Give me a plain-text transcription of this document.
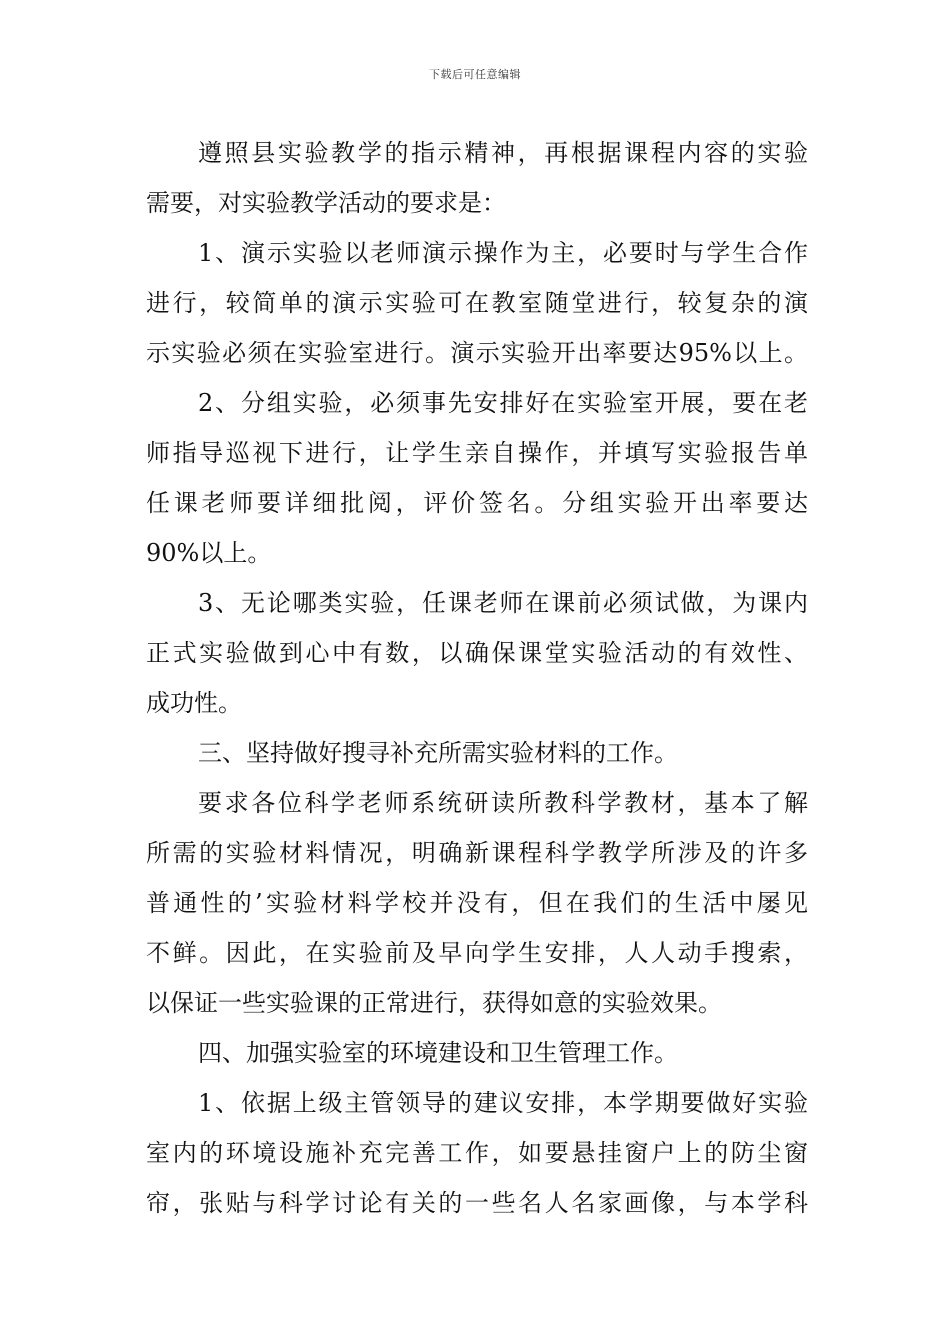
下载后可任意编辑
遵照县实验教学的指示精神，再根据课程内容的实验
需要，对实验教学活动的要求是：
1、演示实验以老师演示操作为主，必要时与学生合作
进行，较简单的演示实验可在教室随堂进行，较复杂的演
示实验必须在实验室进行。演示实验开出率要达95%以上。
2、分组实验，必须事先安排好在实验室开展，要在老
师指导巡视下进行，让学生亲自操作，并填写实验报告单
任课老师要详细批阅，评价签名。分组实验开出率要达
90%以上。
3、无论哪类实验，任课老师在课前必须试做，为课内
正式实验做到心中有数，以确保课堂实验活动的有效性、
成功性。
三、坚持做好搜寻补充所需实验材料的工作。
要求各位科学老师系统研读所教科学教材，基本了解
所需的实验材料情况，明确新课程科学教学所涉及的许多
普通性的’实验材料学校并没有，但在我们的生活中屡见
不鲜。因此，在实验前及早向学生安排，人人动手搜索，
以保证一些实验课的正常进行，获得如意的实验效果。
四、加强实验室的环境建设和卫生管理工作。
1、依据上级主管领导的建议安排，本学期要做好实验
室内的环境设施补充完善工作，如要悬挂窗户上的防尘窗
帘，张贴与科学讨论有关的一些名人名家画像，与本学科
